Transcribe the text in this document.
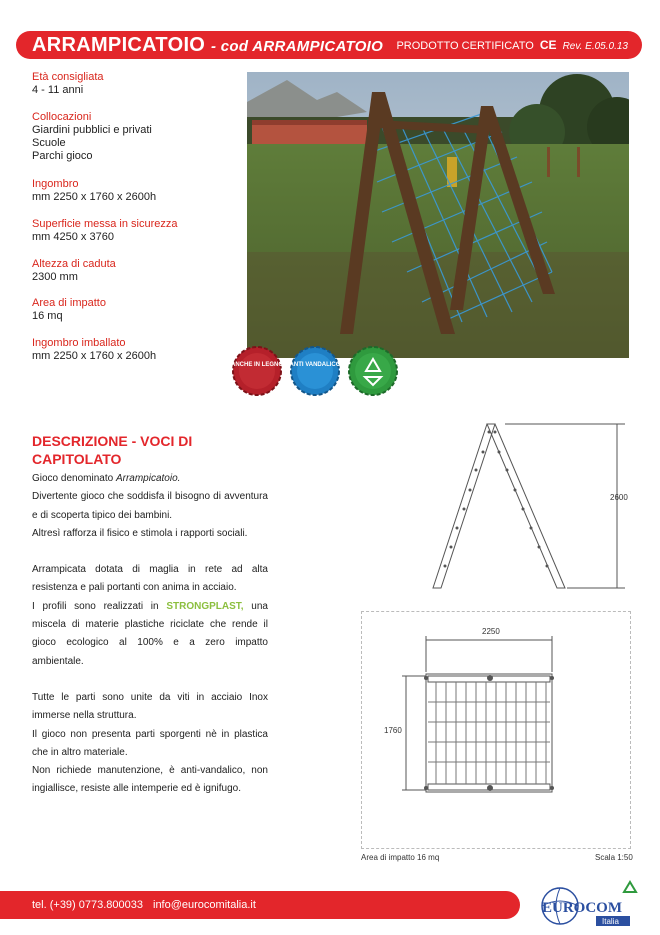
ARRAMPICATOIO - cod ARRAMPICATOIO PRODOTTO CERTIFICATO CE Rev. E.05.0.13
Età consigliata
4 - 11 anni
Collocazioni
Giardini pubblici e privati
Scuole
Parchi gioco
Ingombro
mm 2250 x 1760 x 2600h
Superficie messa in sicurezza
mm 4250 x 3760
Altezza di caduta
2300 mm
Area di impatto
16 mq
Ingombro imballato
mm 2250 x 1760 x 2600h
ANCHE IN LEGNO ANTI VANDALICO
DESCRIZIONE - VOCI DI CAPITOLATO

Gioco denominato Arrampicatoio.

Divertente gioco che soddisfa il bisogno di avventura e di scoperta tipico dei bambini.

Altresì rafforza il fisico e stimola i rapporti sociali.

Arrampicata dotata di maglia in rete ad alta resistenza e pali portanti con anima in acciaio.

I profili sono realizzati in STRONGPLAST, una miscela di materie plastiche riciclate che rende il gioco ecologico al 100% e a zero impatto ambientale.

Tutte le parti sono unite da viti in acciaio Inox immerse nella struttura.

Il gioco non presenta parti sporgenti nè in plastica che in altro materiale.

Non richiede manutenzione, è anti-vandalico, non ingiallisce, resiste alle intemperie ed è ignifugo.

2600
2250
1760
Area di impatto 16 mq	Scala 1:50
tel. (+39) 0773.800033 info@eurocomitalia.it	EUROCOM
Italia
